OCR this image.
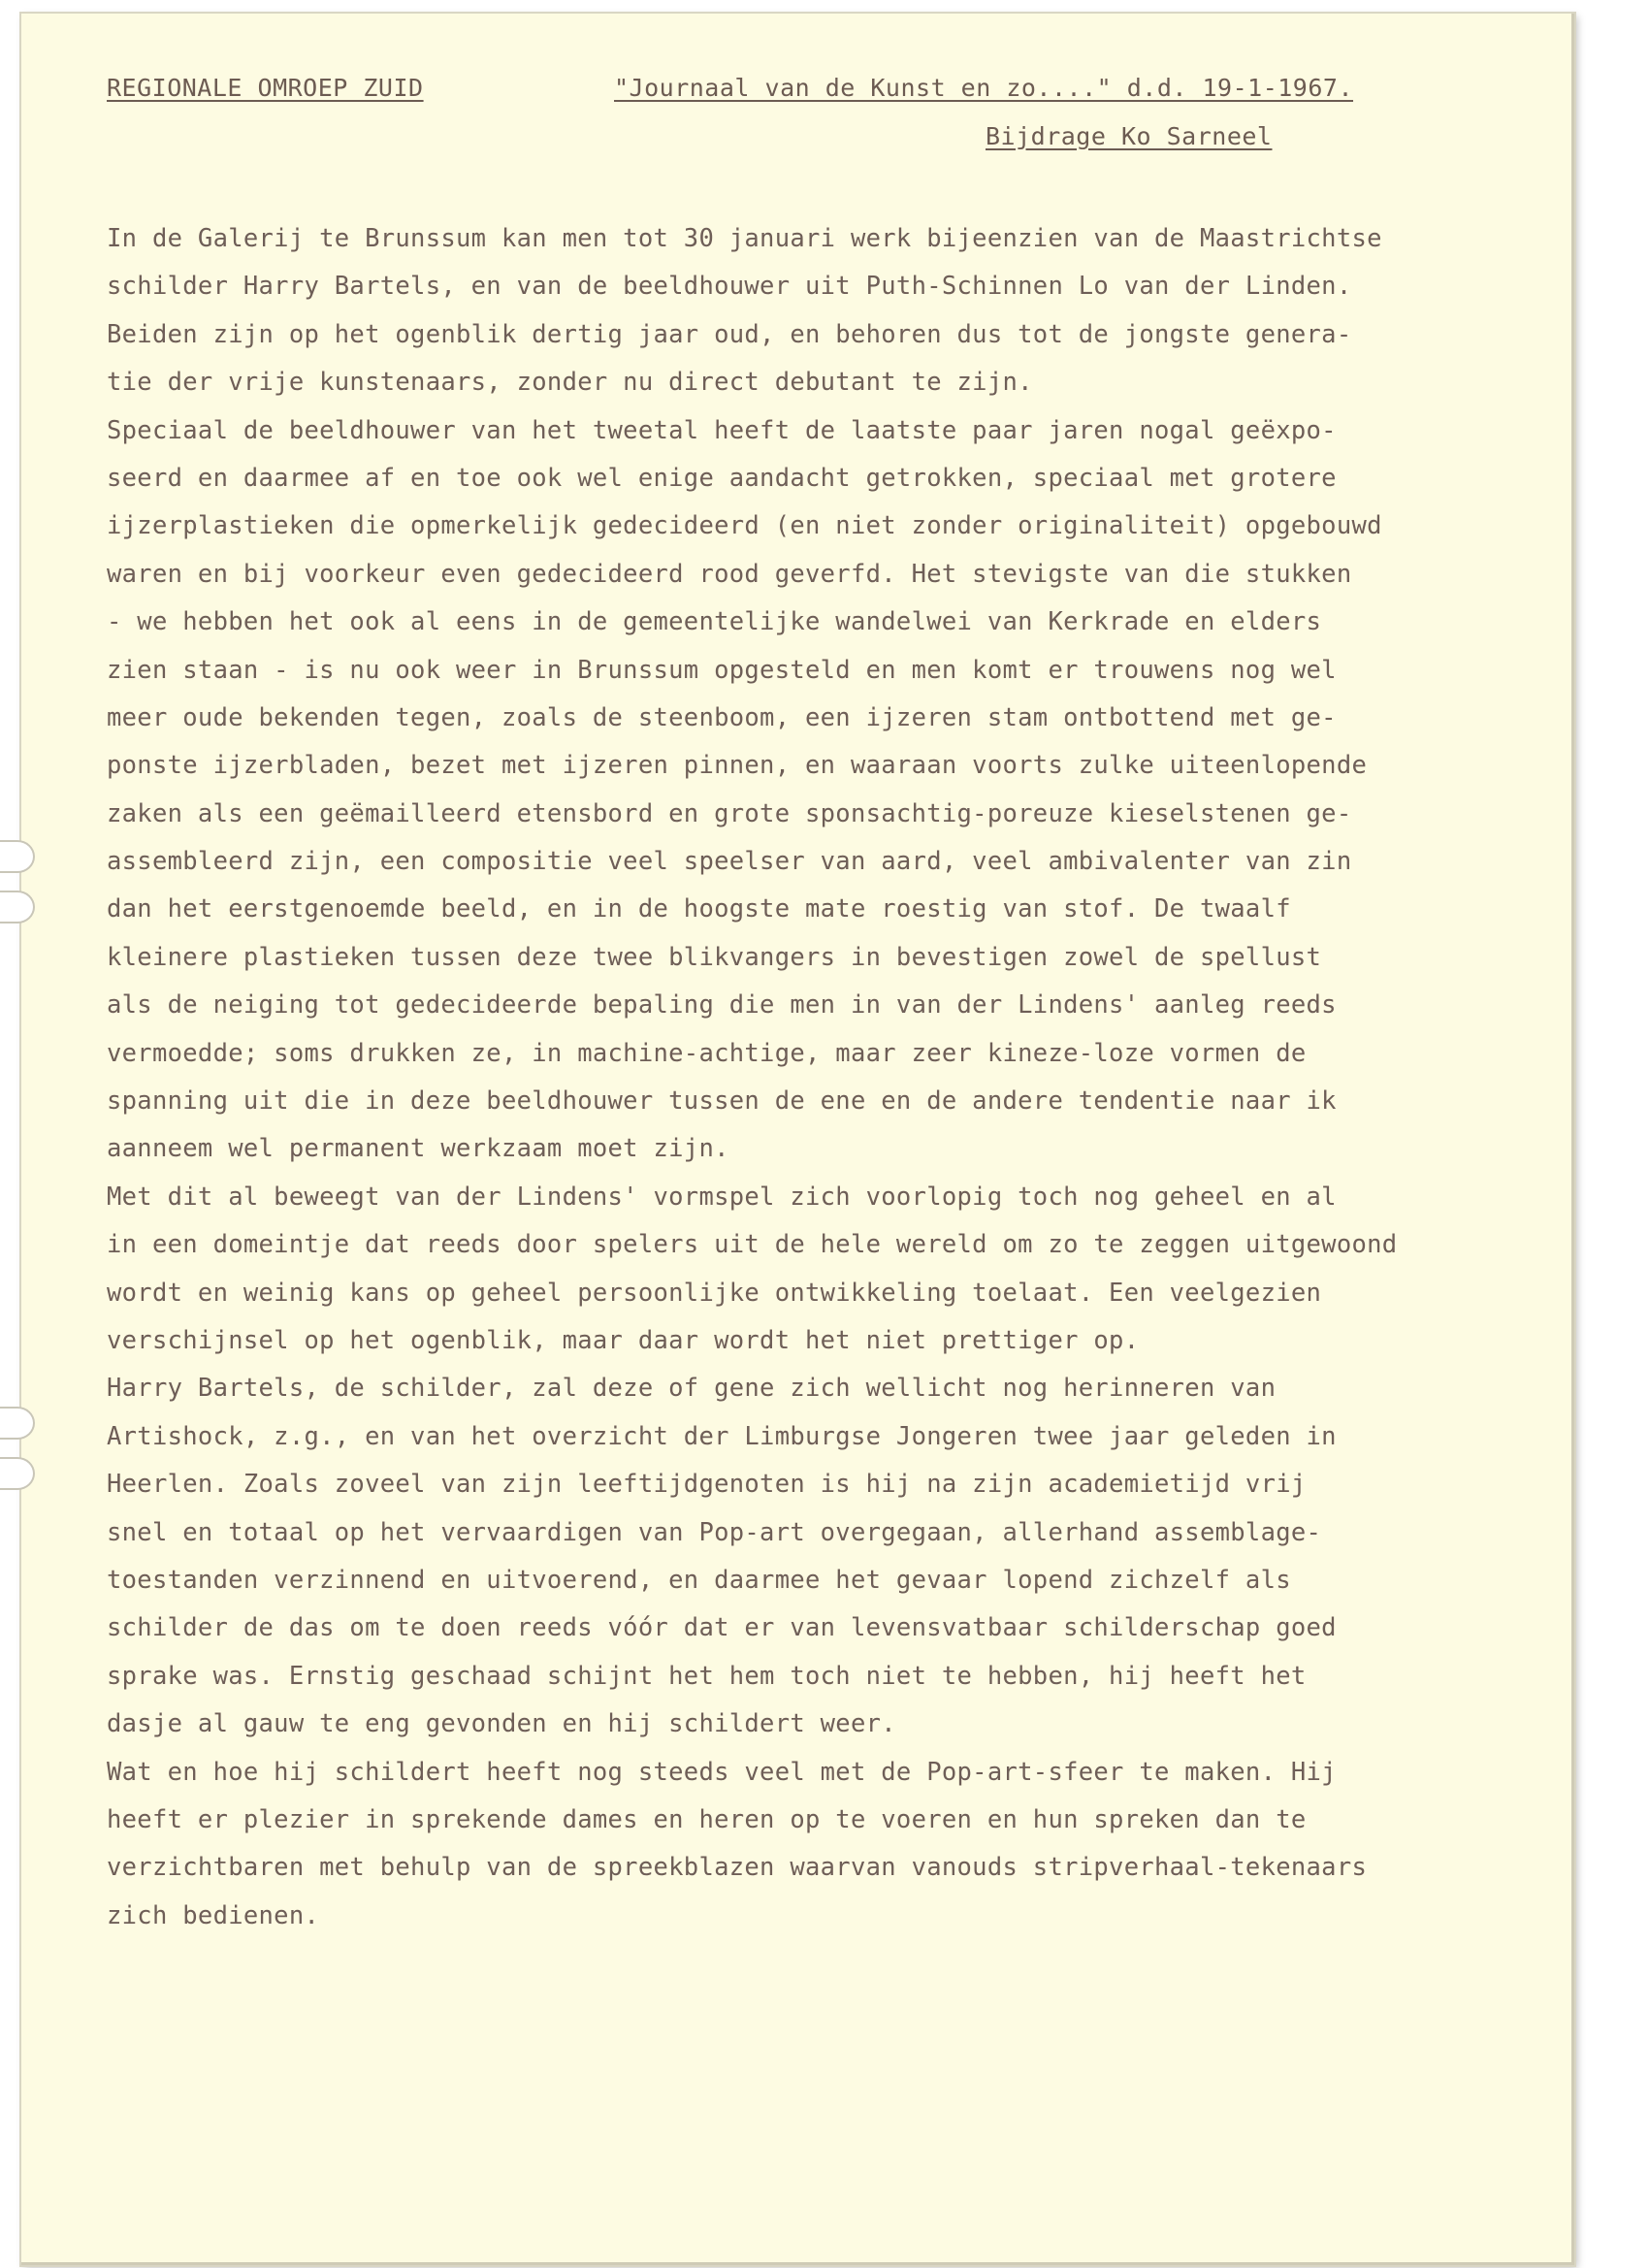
REGIONALE OMROEP ZUID	"Journaal van de Kunst en zo...." d.d. 19-1-1967.
Bijdrage Ko Sarneel
In de Galerij te Brunssum kan men tot 30 januari werk bijeenzien van de Maastrichtse
schilder Harry Bartels, en van de beeldhouwer uit Puth-Schinnen Lo van der Linden.
Beiden zijn op het ogenblik dertig jaar oud, en behoren dus tot de jongste genera-
tie der vrije kunstenaars, zonder nu direct debutant te zijn.
Speciaal de beeldhouwer van het tweetal heeft de laatste paar jaren nogal geëxpo-
seerd en daarmee af en toe ook wel enige aandacht getrokken, speciaal met grotere
ijzerplastieken die opmerkelijk gedecideerd (en niet zonder originaliteit) opgebouwd
waren en bij voorkeur even gedecideerd rood geverfd. Het stevigste van die stukken
- we hebben het ook al eens in de gemeentelijke wandelwei van Kerkrade en elders
zien staan - is nu ook weer in Brunssum opgesteld en men komt er trouwens nog wel
meer oude bekenden tegen, zoals de steenboom, een ijzeren stam ontbottend met ge-
ponste ijzerbladen, bezet met ijzeren pinnen, en waaraan voorts zulke uiteenlopende
zaken als een geëmailleerd etensbord en grote sponsachtig-poreuze kieselstenen ge-
assembleerd zijn, een compositie veel speelser van aard, veel ambivalenter van zin
dan het eerstgenoemde beeld, en in de hoogste mate roestig van stof. De twaalf
kleinere plastieken tussen deze twee blikvangers in bevestigen zowel de spellust
als de neiging tot gedecideerde bepaling die men in van der Lindens' aanleg reeds
vermoedde; soms drukken ze, in machine-achtige, maar zeer kineze-loze vormen de
spanning uit die in deze beeldhouwer tussen de ene en de andere tendentie naar ik
aanneem wel permanent werkzaam moet zijn.
Met dit al beweegt van der Lindens' vormspel zich voorlopig toch nog geheel en al
in een domeintje dat reeds door spelers uit de hele wereld om zo te zeggen uitgewoond
wordt en weinig kans op geheel persoonlijke ontwikkeling toelaat. Een veelgezien
verschijnsel op het ogenblik, maar daar wordt het niet prettiger op.
Harry Bartels, de schilder, zal deze of gene zich wellicht nog herinneren van
Artishock, z.g., en van het overzicht der Limburgse Jongeren twee jaar geleden in
Heerlen. Zoals zoveel van zijn leeftijdgenoten is hij na zijn academietijd vrij
snel en totaal op het vervaardigen van Pop-art overgegaan, allerhand assemblage-
toestanden verzinnend en uitvoerend, en daarmee het gevaar lopend zichzelf als
schilder de das om te doen reeds vóór dat er van levensvatbaar schilderschap goed
sprake was. Ernstig geschaad schijnt het hem toch niet te hebben, hij heeft het
dasje al gauw te eng gevonden en hij schildert weer.
Wat en hoe hij schildert heeft nog steeds veel met de Pop-art-sfeer te maken. Hij
heeft er plezier in sprekende dames en heren op te voeren en hun spreken dan te
verzichtbaren met behulp van de spreekblazen waarvan vanouds stripverhaal-tekenaars
zich bedienen.
